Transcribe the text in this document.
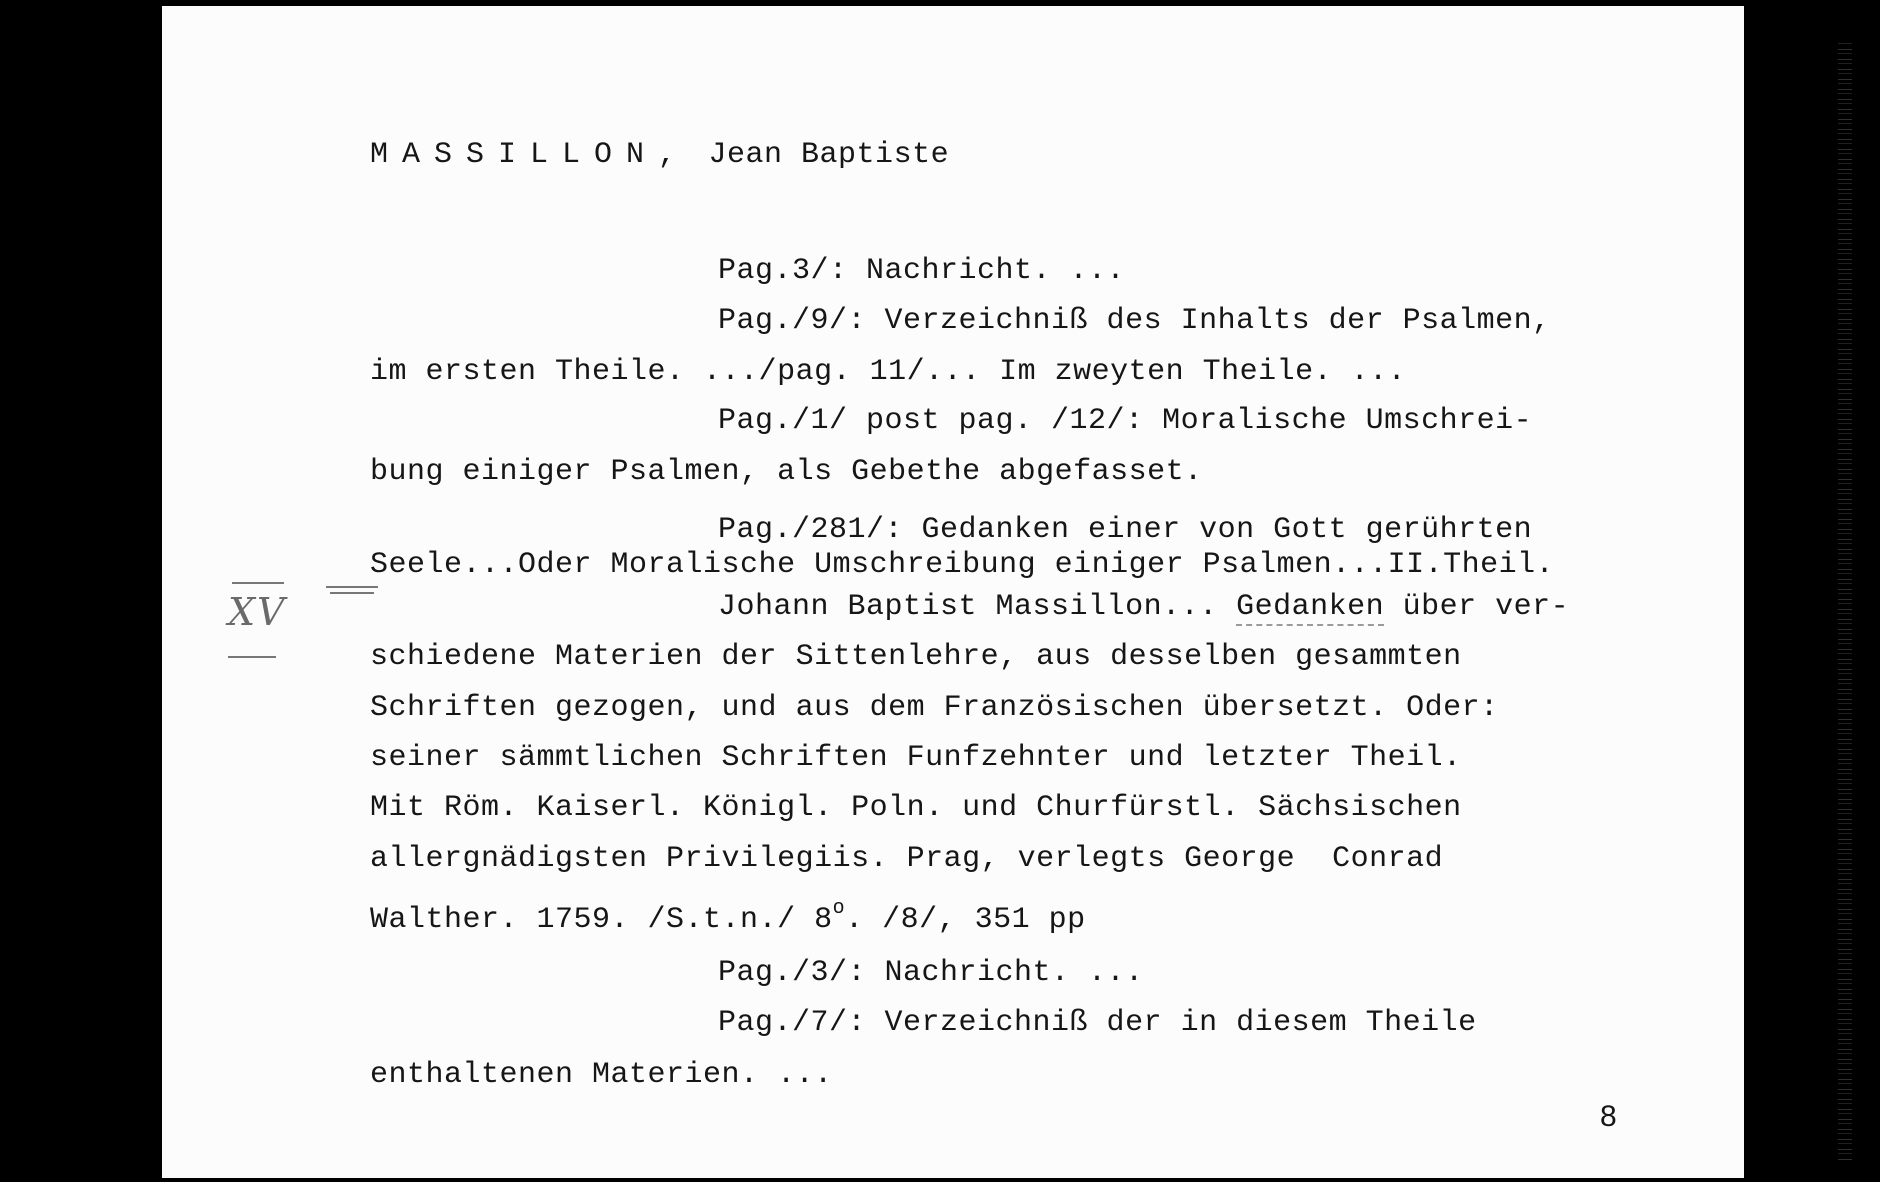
MASSILLON, Jean Baptiste
Pag.3/: Nachricht. ...
Pag./9/: Verzeichniß des Inhalts der Psalmen,
im ersten Theile. .../pag. 11/... Im zweyten Theile. ...
Pag./1/ post pag. /12/: Moralische Umschrei-
bung einiger Psalmen, als Gebethe abgefasset.
Pag./281/: Gedanken einer von Gott gerührten
Seele...Oder Moralische Umschreibung einiger Psalmen...II.Theil.
Johann Baptist Massillon... Gedanken über ver-
schiedene Materien der Sittenlehre, aus desselben gesammten
Schriften gezogen, und aus dem Französischen übersetzt. Oder:
seiner sämmtlichen Schriften Funfzehnter und letzter Theil.
Mit Röm. Kaiserl. Königl. Poln. und Churfürstl. Sächsischen
allergnädigsten Privilegiis. Prag, verlegts George  Conrad
Walther. 1759. /S.t.n./ 8$^o$. /8/, 351 pp
Pag./3/: Nachricht. ...
Pag./7/: Verzeichniß der in diesem Theile
enthaltenen Materien. ...
XV
8
